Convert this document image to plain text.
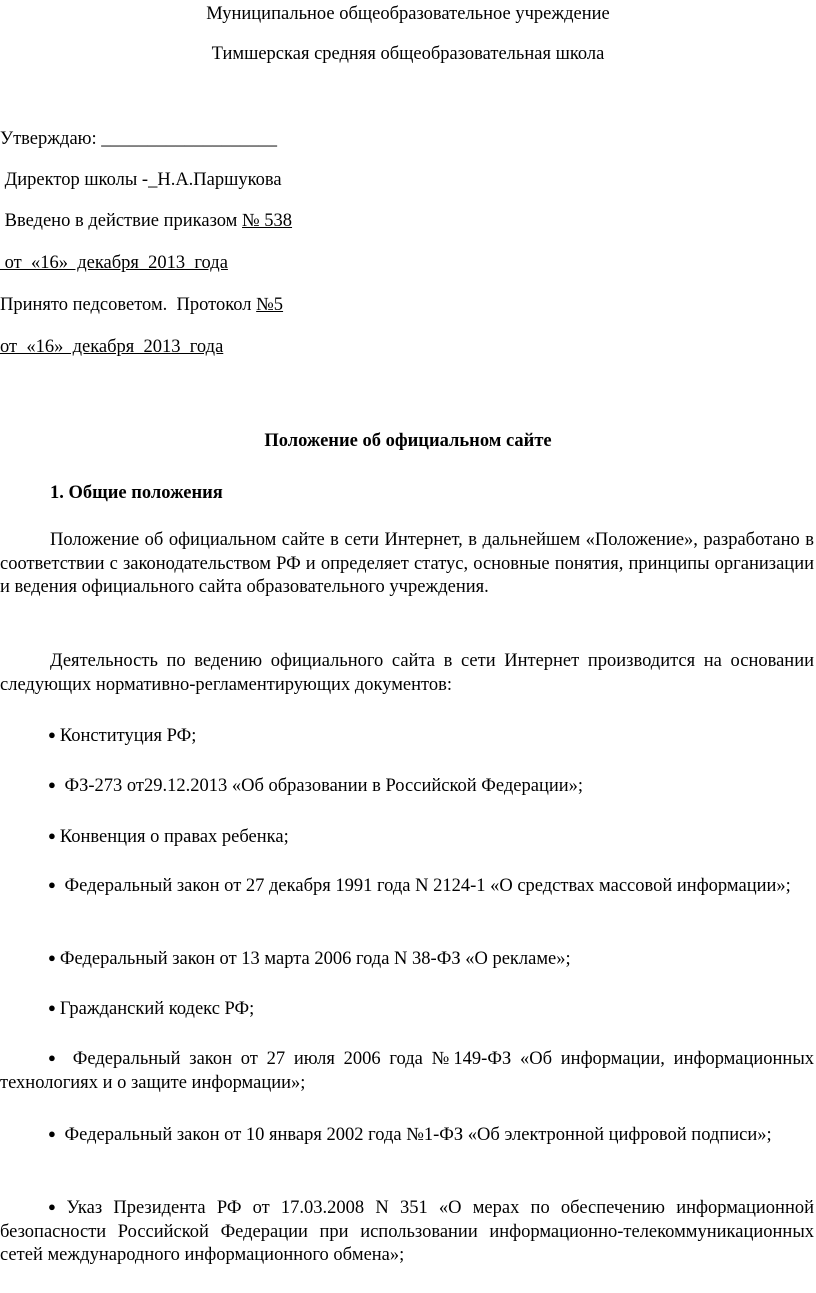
Муниципальное общеобразовательное учреждение
Тимшерская средняя общеобразовательная школа
Утверждаю: ___________________
Директор школы -_Н.А.Паршукова
Введено в действие приказом № 538
от  «16»  декабря  2013  года
Принято педсоветом.  Протокол №5
от  «16»  декабря  2013  года
Положение об официальном сайте
1. Общие положения
Положение об официальном сайте в сети Интернет, в дальнейшем «Положение», разработано в соответствии с законодательством РФ и определяет статус, основные понятия, принципы организации и ведения официального сайта образовательного учреждения.
Деятельность по ведению официального сайта в сети Интернет производится на основании следующих нормативно-регламентирующих документов:
● Конституция РФ;
● ФЗ-273 от29.12.2013 «Об образовании в Российской Федерации»;
● Конвенция о правах ребенка;
● Федеральный закон от 27 декабря 1991 года N 2124-1 «О средствах массовой информации»;
● Федеральный закон от 13 марта 2006 года N 38-ФЗ «О рекламе»;
● Гражданский кодекс РФ;
● Федеральный закон от 27 июля 2006 года №149-ФЗ «Об информации, информационных технологиях и о защите информации»;
● Федеральный закон от 10 января 2002 года №1-ФЗ «Об электронной цифровой подписи»;
● Указ Президента РФ от 17.03.2008 N 351 «О мерах по обеспечению информационной безопасности Российской Федерации при использовании информационно-телекоммуникационных сетей международного информационного обмена»;
